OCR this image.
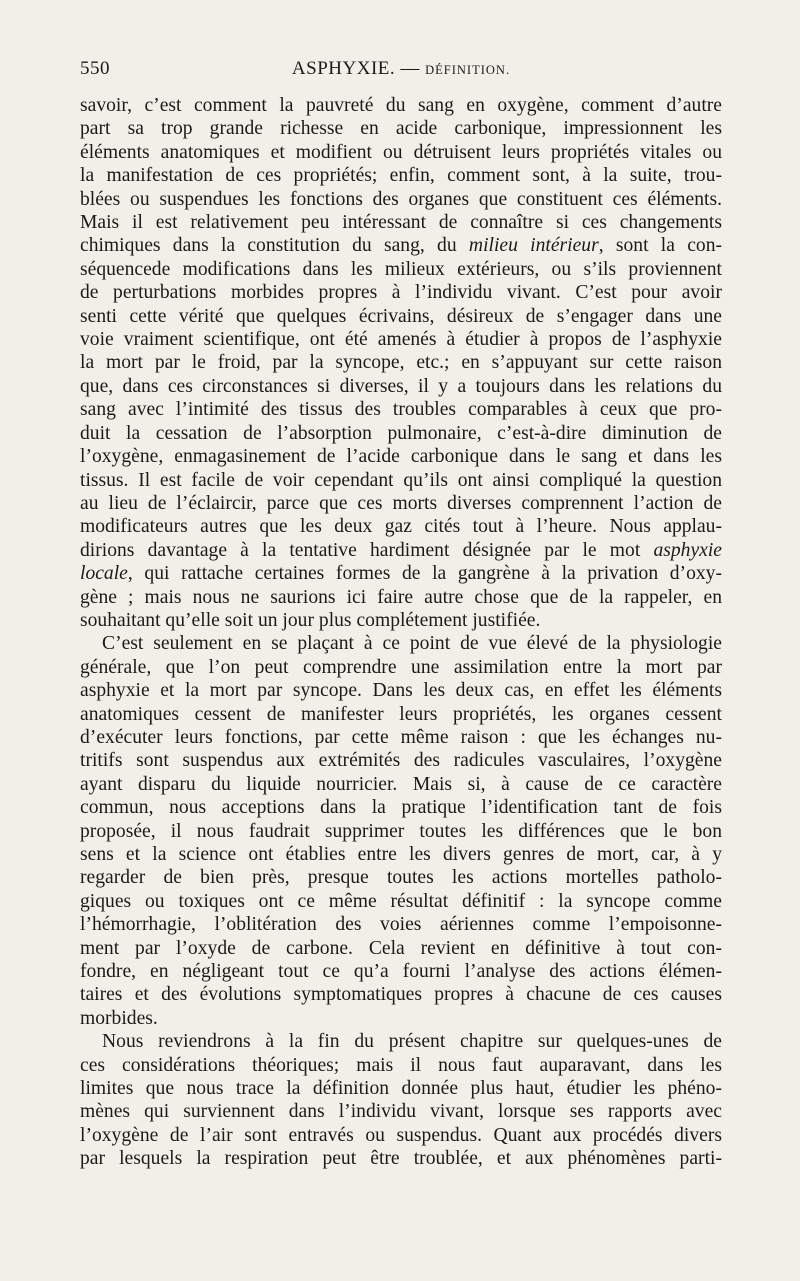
550	ASPHYXIE. — DÉFINITION.
savoir, c’est comment la pauvreté du sang en oxygène, comment d’autre
part sa trop grande richesse en acide carbonique, impressionnent les
éléments anatomiques et modifient ou détruisent leurs propriétés vitales ou
la manifestation de ces propriétés; enfin, comment sont, à la suite, trou-
blées ou suspendues les fonctions des organes que constituent ces éléments.
Mais il est relativement peu intéressant de connaître si ces changements
chimiques dans la constitution du sang, du milieu intérieur, sont la con-
séquencede modifications dans les milieux extérieurs, ou s’ils proviennent
de perturbations morbides propres à l’individu vivant. C’est pour avoir
senti cette vérité que quelques écrivains, désireux de s’engager dans une
voie vraiment scientifique, ont été amenés à étudier à propos de l’asphyxie
la mort par le froid, par la syncope, etc.; en s’appuyant sur cette raison
que, dans ces circonstances si diverses, il y a toujours dans les relations du
sang avec l’intimité des tissus des troubles comparables à ceux que pro-
duit la cessation de l’absorption pulmonaire, c’est-à-dire diminution de
l’oxygène, enmagasinement de l’acide carbonique dans le sang et dans les
tissus. Il est facile de voir cependant qu’ils ont ainsi compliqué la question
au lieu de l’éclaircir, parce que ces morts diverses comprennent l’action de
modificateurs autres que les deux gaz cités tout à l’heure. Nous applau-
dirions davantage à la tentative hardiment désignée par le mot asphyxie
locale, qui rattache certaines formes de la gangrène à la privation d’oxy-
gène ; mais nous ne saurions ici faire autre chose que de la rappeler, en
souhaitant qu’elle soit un jour plus complétement justifiée.
C’est seulement en se plaçant à ce point de vue élevé de la physiologie
générale, que l’on peut comprendre une assimilation entre la mort par
asphyxie et la mort par syncope. Dans les deux cas, en effet les éléments
anatomiques cessent de manifester leurs propriétés, les organes cessent
d’exécuter leurs fonctions, par cette même raison : que les échanges nu-
tritifs sont suspendus aux extrémités des radicules vasculaires, l’oxygène
ayant disparu du liquide nourricier. Mais si, à cause de ce caractère
commun, nous acceptions dans la pratique l’identification tant de fois
proposée, il nous faudrait supprimer toutes les différences que le bon
sens et la science ont établies entre les divers genres de mort, car, à y
regarder de bien près, presque toutes les actions mortelles patholo-
giques ou toxiques ont ce même résultat définitif : la syncope comme
l’hémorrhagie, l’oblitération des voies aériennes comme l’empoisonne-
ment par l’oxyde de carbone. Cela revient en définitive à tout con-
fondre, en négligeant tout ce qu’a fourni l’analyse des actions élémen-
taires et des évolutions symptomatiques propres à chacune de ces causes
morbides.
Nous reviendrons à la fin du présent chapitre sur quelques-unes de
ces considérations théoriques; mais il nous faut auparavant, dans les
limites que nous trace la définition donnée plus haut, étudier les phéno-
mènes qui surviennent dans l’individu vivant, lorsque ses rapports avec
l’oxygène de l’air sont entravés ou suspendus. Quant aux procédés divers
par lesquels la respiration peut être troublée, et aux phénomènes parti-
